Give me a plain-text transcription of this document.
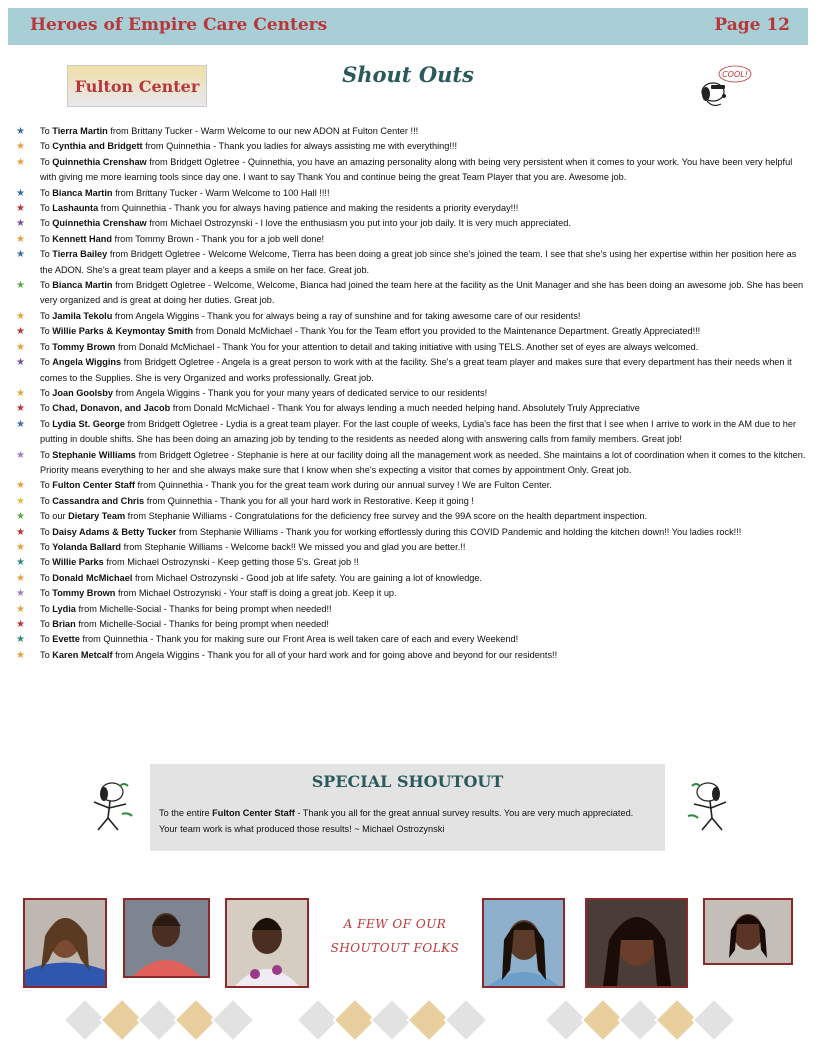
Heroes of Empire Care Centers	Page 12
Fulton Center	Shout Outs	COOL!
★ To Tierra Martin from Brittany Tucker - Warm Welcome to our new ADON at Fulton Center !!!
★ To Cynthia and Bridgett from Quinnethia - Thank you ladies for always assisting me with everything!!!
★ To Quinnethia Crenshaw from Bridgett Ogletree - Quinnethia, you have an amazing personality along with being very persistent when it comes to your work. You have been very helpful with giving me more learning tools since day one. I want to say Thank You and continue being the great Team Player that you are. Awesome job.
★ To Bianca Martin from Brittany Tucker - Warm Welcome to 100 Hall !!!!
★ To Lashaunta from Quinnethia - Thank you for always having patience and making the residents a priority everyday!!!
★ To Quinnethia Crenshaw from Michael Ostrozynski - I love the enthusiasm you put into your job daily. It is very much appreciated.
★ To Kennett Hand from Tommy Brown - Thank you for a job well done!
★ To Tierra Bailey from Bridgett Ogletree - Welcome Welcome, Tierra has been doing a great job since she's joined the team. I see that she's using her expertise within her position here as the ADON. She's a great team player and a keeps a smile on her face. Great job.
★ To Bianca Martin from Bridgett Ogletree - Welcome, Welcome, Bianca had joined the team here at the facility as the Unit Manager and she has been doing an awesome job. She has been very organized and is great at doing her duties. Great job.
★ To Jamila Tekolu from Angela Wiggins - Thank you for always being a ray of sunshine and for taking awesome care of our residents!
★ To Willie Parks & Keymontay Smith from Donald McMichael - Thank You for the Team effort you provided to the Maintenance Department. Greatly Appreciated!!!
★ To Tommy Brown from Donald McMichael - Thank You for your attention to detail and taking initiative with using TELS. Another set of eyes are always welcomed.
★ To Angela Wiggins from Bridgett Ogletree - Angela is a great person to work with at the facility. She's a great team player and makes sure that every department has their needs when it comes to the Supplies. She is very Organized and works professionally. Great job.
★ To Joan Goolsby from Angela Wiggins - Thank you for your many years of dedicated service to our residents!
★ To Chad, Donavon, and Jacob from Donald McMichael - Thank You for always lending a much needed helping hand. Absolutely Truly Appreciative
★ To Lydia St. George from Bridgett Ogletree - Lydia is a great team player. For the last couple of weeks, Lydia's face has been the first that I see when I arrive to work in the AM due to her putting in double shifts. She has been doing an amazing job by tending to the residents as needed along with answering calls from family members. Great job!
★ To Stephanie Williams from Bridgett Ogletree - Stephanie is here at our facility doing all the management work as needed. She maintains a lot of coordination when it comes to the kitchen. Priority means everything to her and she always make sure that I know when she's expecting a visitor that comes by appointment Only. Great job.
★ To Fulton Center Staff from Quinnethia - Thank you for the great team work during our annual survey ! We are Fulton Center.
★ To Cassandra and Chris from Quinnethia - Thank you for all your hard work in Restorative. Keep it going !
★ To our Dietary Team from Stephanie Williams - Congratulations for the deficiency free survey and the 99A score on the health department inspection.
★ To Daisy Adams & Betty Tucker from Stephanie Williams - Thank you for working effortlessly during this COVID Pandemic and holding the kitchen down!! You ladies rock!!!
★ To Yolanda Ballard from Stephanie Williams - Welcome back!! We missed you and glad you are better.!!
★ To Willie Parks from Michael Ostrozynski - Keep getting those 5's. Great job !!
★ To Donald McMichael from Michael Ostrozynski - Good job at life safety. You are gaining a lot of knowledge.
★ To Tommy Brown from Michael Ostrozynski - Your staff is doing a great job. Keep it up.
★ To Lydia from Michelle-Social - Thanks for being prompt when needed!!
★ To Brian from Michelle-Social - Thanks for being prompt when needed!
★ To Evette from Quinnethia - Thank you for making sure our Front Area is well taken care of each and every Weekend!
★ To Karen Metcalf from Angela Wiggins - Thank you for all of your hard work and for going above and beyond for our residents!!
SPECIAL SHOUTOUT
To the entire Fulton Center Staff - Thank you all for the great annual survey results. You are very much appreciated. Your team work is what produced those results! ~ Michael Ostrozynski
A FEW OF OUR
SHOUTOUT FOLKS
